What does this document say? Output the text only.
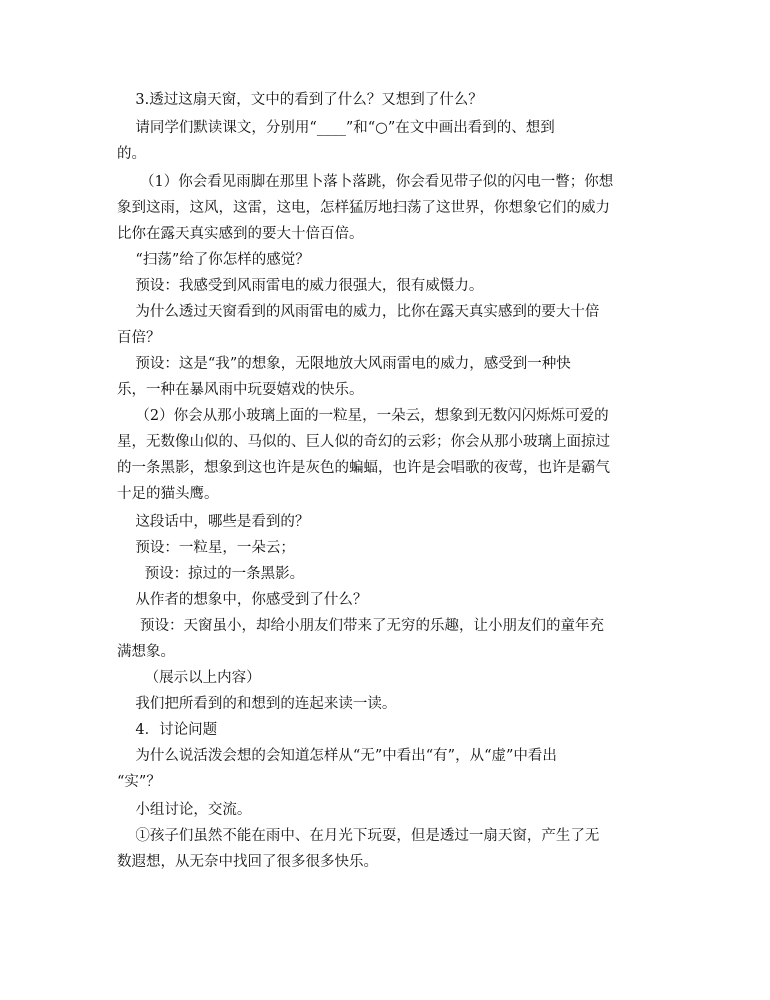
3.透过这扇天窗，文中的看到了什么？又想到了什么？

请同学们默读课文，分别用“____”和“○”在文中画出看到的、想到

的。

（1）你会看见雨脚在那里卜落卜落跳，你会看见带子似的闪电一瞥；你想

象到这雨，这风，这雷，这电，怎样猛厉地扫荡了这世界，你想象它们的威力

比你在露天真实感到的要大十倍百倍。

“扫荡”给了你怎样的感觉？

预设：我感受到风雨雷电的威力很强大，很有威慑力。

为什么透过天窗看到的风雨雷电的威力，比你在露天真实感到的要大十倍

百倍？

预设：这是“我”的想象，无限地放大风雨雷电的威力，感受到一种快

乐，一种在暴风雨中玩耍嬉戏的快乐。

（2）你会从那小玻璃上面的一粒星，一朵云，想象到无数闪闪烁烁可爱的

星，无数像山似的、马似的、巨人似的奇幻的云彩；你会从那小玻璃上面掠过

的一条黑影，想象到这也许是灰色的蝙蝠，也许是会唱歌的夜莺，也许是霸气

十足的猫头鹰。

这段话中，哪些是看到的？

预设：一粒星，一朵云；

预设：掠过的一条黑影。

从作者的想象中，你感受到了什么？

预设：天窗虽小，却给小朋友们带来了无穷的乐趣，让小朋友们的童年充

满想象。

（展示以上内容）

我们把所看到的和想到的连起来读一读。

4．讨论问题

为什么说活泼会想的会知道怎样从“无”中看出“有”，从“虚”中看出

“实”？

小组讨论，交流。

①孩子们虽然不能在雨中、在月光下玩耍，但是透过一扇天窗，产生了无

数遐想，从无奈中找回了很多很多快乐。
